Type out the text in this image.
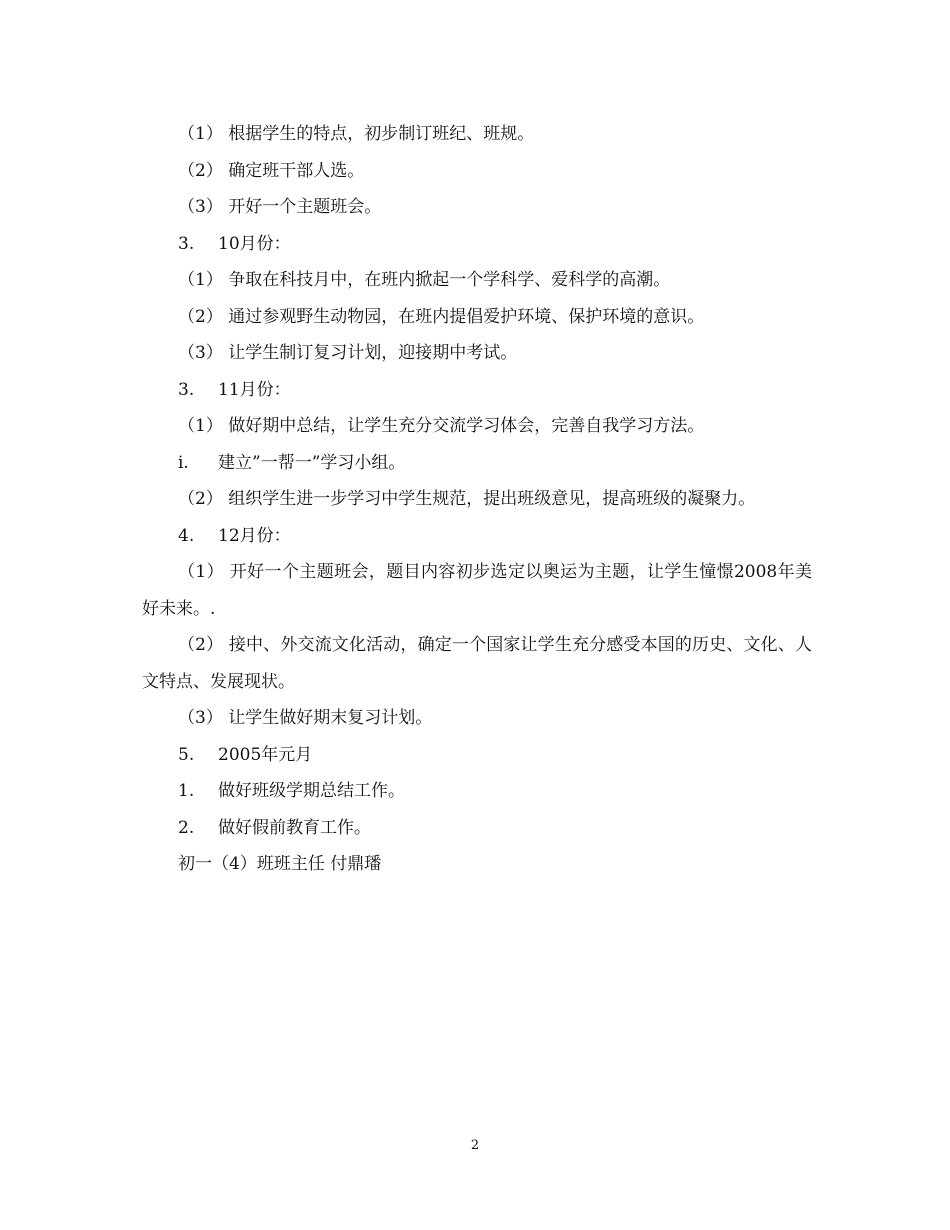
（1） 根据学生的特点，初步制订班纪、班规。
（2） 确定班干部人选。
（3） 开好一个主题班会。
3. 10月份：
（1） 争取在科技月中，在班内掀起一个学科学、爱科学的高潮。
（2） 通过参观野生动物园，在班内提倡爱护环境、保护环境的意识。
（3） 让学生制订复习计划，迎接期中考试。
3. 11月份：
（1） 做好期中总结，让学生充分交流学习体会，完善自我学习方法。
i. 建立”一帮一”学习小组。
（2） 组织学生进一步学习中学生规范，提出班级意见，提高班级的凝聚力。
4. 12月份：
（1） 开好一个主题班会，题目内容初步选定以奥运为主题，让学生憧憬2008年美好未来。.
（2） 接中、外交流文化活动，确定一个国家让学生充分感受本国的历史、文化、人文特点、发展现状。
（3） 让学生做好期末复习计划。
5. 2005年元月
1. 做好班级学期总结工作。
2. 做好假前教育工作。
初一（4）班班主任 付鼎璠
2
